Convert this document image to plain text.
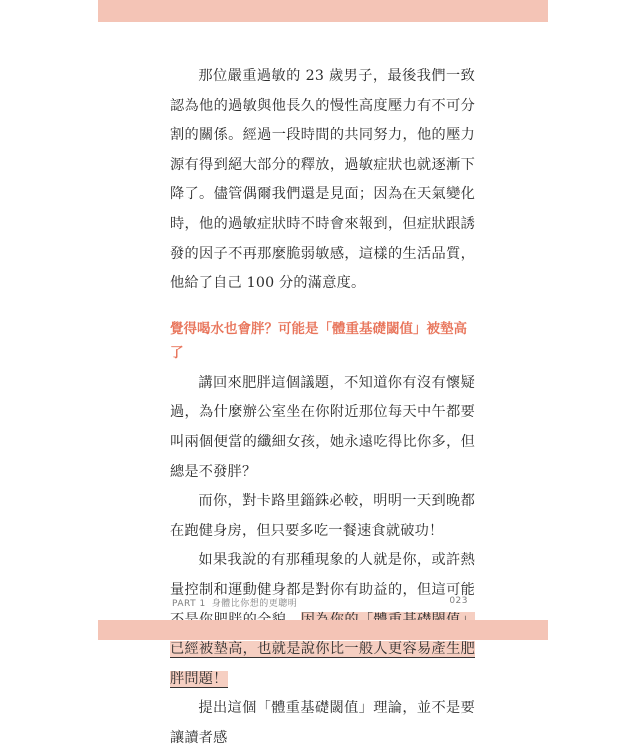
那位嚴重過敏的 23 歲男子，最後我們一致認為他的過敏與他長久的慢性高度壓力有不可分割的關係。經過一段時間的共同努力，他的壓力源有得到絕大部分的釋放，過敏症狀也就逐漸下降了。儘管偶爾我們還是見面；因為在天氣變化時，他的過敏症狀時不時會來報到，但症狀跟誘發的因子不再那麼脆弱敏感，這樣的生活品質，他給了自己 100 分的滿意度。

覺得喝水也會胖？可能是「體重基礎閾值」被墊高了

講回來肥胖這個議題，不知道你有沒有懷疑過，為什麼辦公室坐在你附近那位每天中午都要叫兩個便當的纖細女孩，她永遠吃得比你多，但總是不發胖？

而你，對卡路里錙銖必較，明明一天到晚都在跑健身房，但只要多吃一餐速食就破功！

如果我說的有那種現象的人就是你，或許熱量控制和運動健身都是對你有助益的，但這可能 已經被墊高，也就是說你比一般人更容易產生肥胖問題！

提出這個「體重基礎閾值」理論，並不是要讓讀者感

PART 1 身體比你想的更聰明	023
